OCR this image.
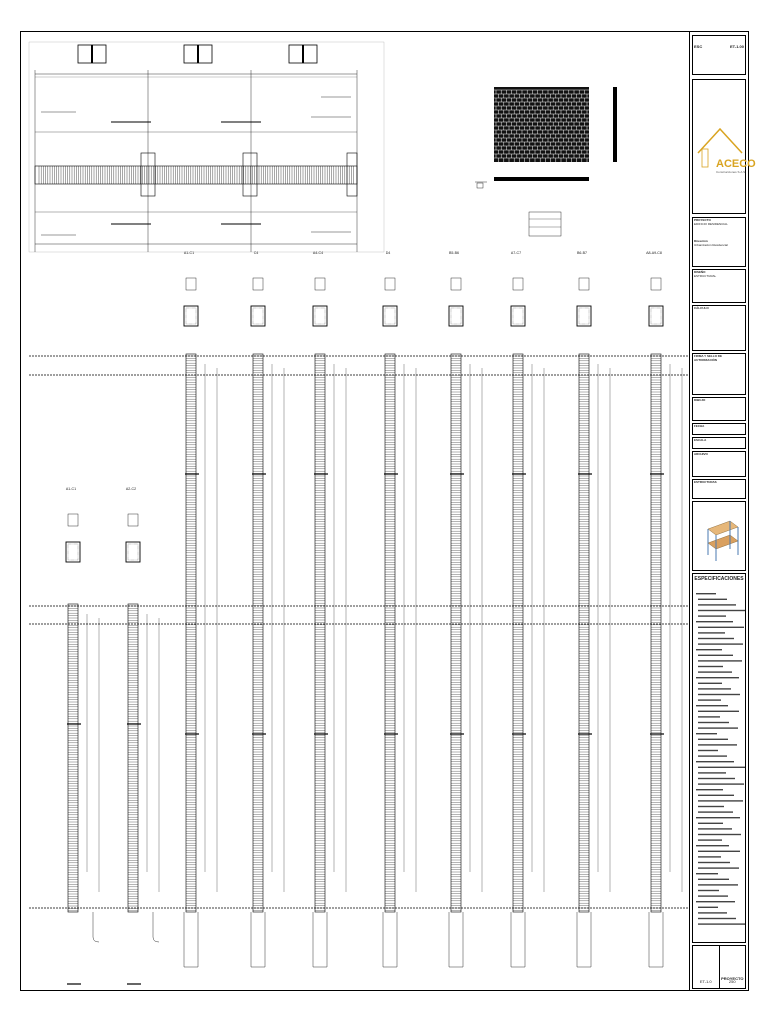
A1-C1	C4	A4-C4	D4	B5-B6	A7-C7	B6-B7	A8-A9-C8
A1-C1	A2-C2
ESC	ET-1.00
ACECO
Construcciones S.A.S.
PROYECTO
EDIFICIO RESIDENCIAL
Dirección
Urbanización Residencial
DISEÑO
ESTRUCTURAL
CÁLCULO
FIRMA Y SELLO DE AUTORIZACIÓN
DIBUJO
FECHA
ESCALA
ARCHIVO
ESTRUCTURAS
ESPECIFICACIONES
ET-1.0
PROYECTO
250
